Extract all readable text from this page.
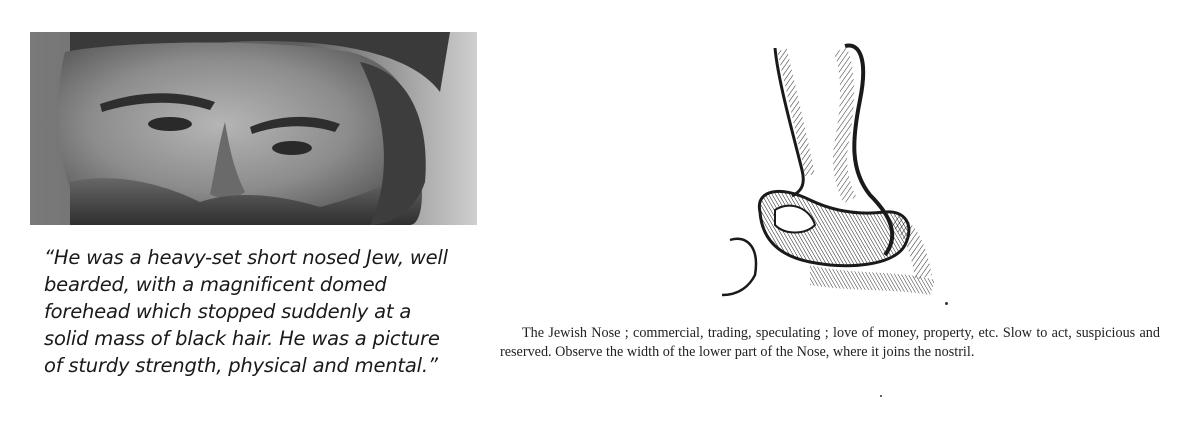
“He was a heavy-set short nosed Jew, well
bearded, with a magnificent domed
forehead which stopped suddenly at a
solid mass of black hair. He was a picture
of sturdy strength, physical and mental.”
The Jewish Nose ; commercial, trading, speculating ; love of money, property, etc. Slow to act, suspicious and reserved. Observe the width of the lower part of the Nose, where it joins the nostril.
